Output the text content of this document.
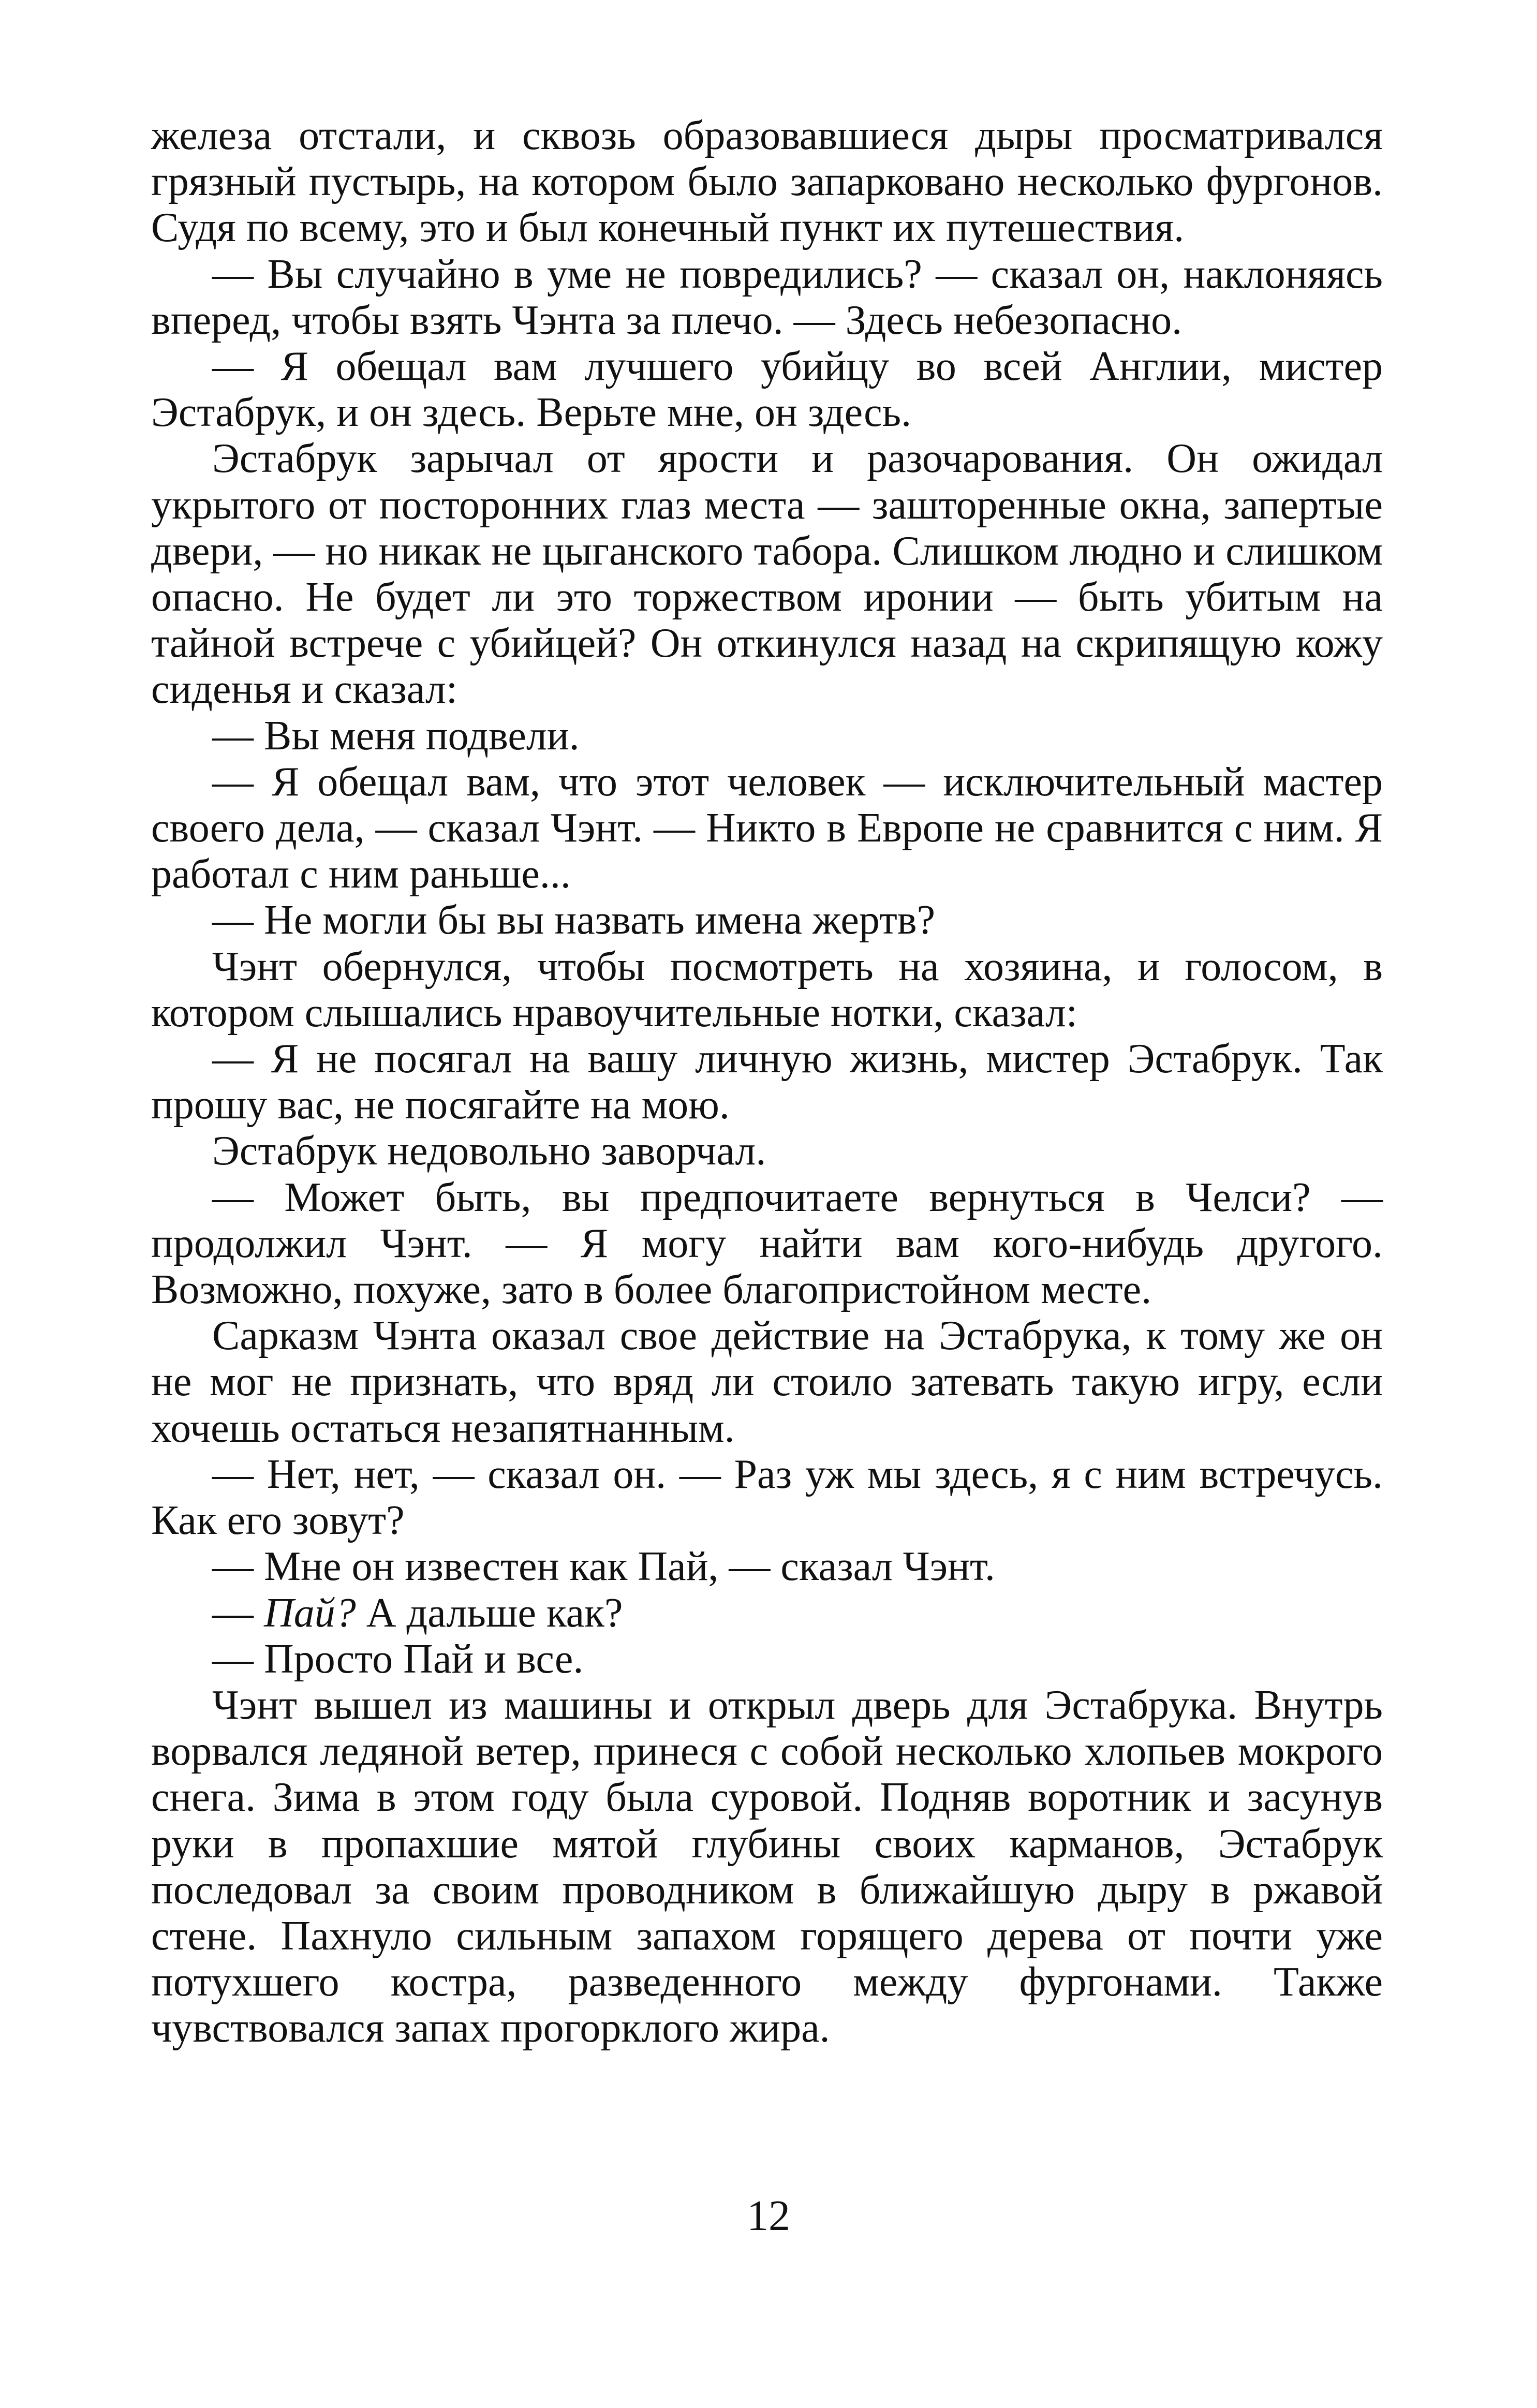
железа отстали, и сквозь образовавшиеся дыры просматривался грязный пустырь, на котором было запарковано несколько фургонов. Судя по всему, это и был конечный пункт их путешествия.

— Вы случайно в уме не повредились? — сказал он, наклоняясь вперед, чтобы взять Чэнта за плечо. — Здесь небезопасно.

— Я обещал вам лучшего убийцу во всей Англии, мистер Эстабрук, и он здесь. Верьте мне, он здесь.

Эстабрук зарычал от ярости и разочарования. Он ожидал укрытого от посторонних глаз места — зашторенные окна, запертые двери, — но никак не цыганского табора. Слишком людно и слишком опасно. Не будет ли это торжеством иронии — быть убитым на тайной встрече с убийцей? Он откинулся назад на скрипящую кожу сиденья и сказал:

— Вы меня подвели.

— Я обещал вам, что этот человек — исключительный мастер своего дела, — сказал Чэнт. — Никто в Европе не сравнится с ним. Я работал с ним раньше...

— Не могли бы вы назвать имена жертв?

Чэнт обернулся, чтобы посмотреть на хозяина, и голосом, в котором слышались нравоучительные нотки, сказал:

— Я не посягал на вашу личную жизнь, мистер Эстабрук. Так прошу вас, не посягайте на мою.

Эстабрук недовольно заворчал.

— Может быть, вы предпочитаете вернуться в Челси? — продолжил Чэнт. — Я могу найти вам кого-нибудь другого. Возможно, похуже, зато в более благопристойном месте.

Сарказм Чэнта оказал свое действие на Эстабрука, к тому же он не мог не признать, что вряд ли стоило затевать такую игру, если хочешь остаться незапятнанным.

— Нет, нет, — сказал он. — Раз уж мы здесь, я с ним встречусь. Как его зовут?

— Мне он известен как Пай, — сказал Чэнт.

— Пай? А дальше как?

— Просто Пай и все.

Чэнт вышел из машины и открыл дверь для Эстабрука. Внутрь ворвался ледяной ветер, принеся с собой несколько хлопьев мокрого снега. Зима в этом году была суровой. Подняв воротник и засунув руки в пропахшие мятой глубины своих карманов, Эстабрук последовал за своим проводником в ближайшую дыру в ржавой стене. Пахнуло сильным запахом горящего дерева от почти уже потухшего костра, разведенного между фургонами. Также чувствовался запах прогорклого жира.

12
